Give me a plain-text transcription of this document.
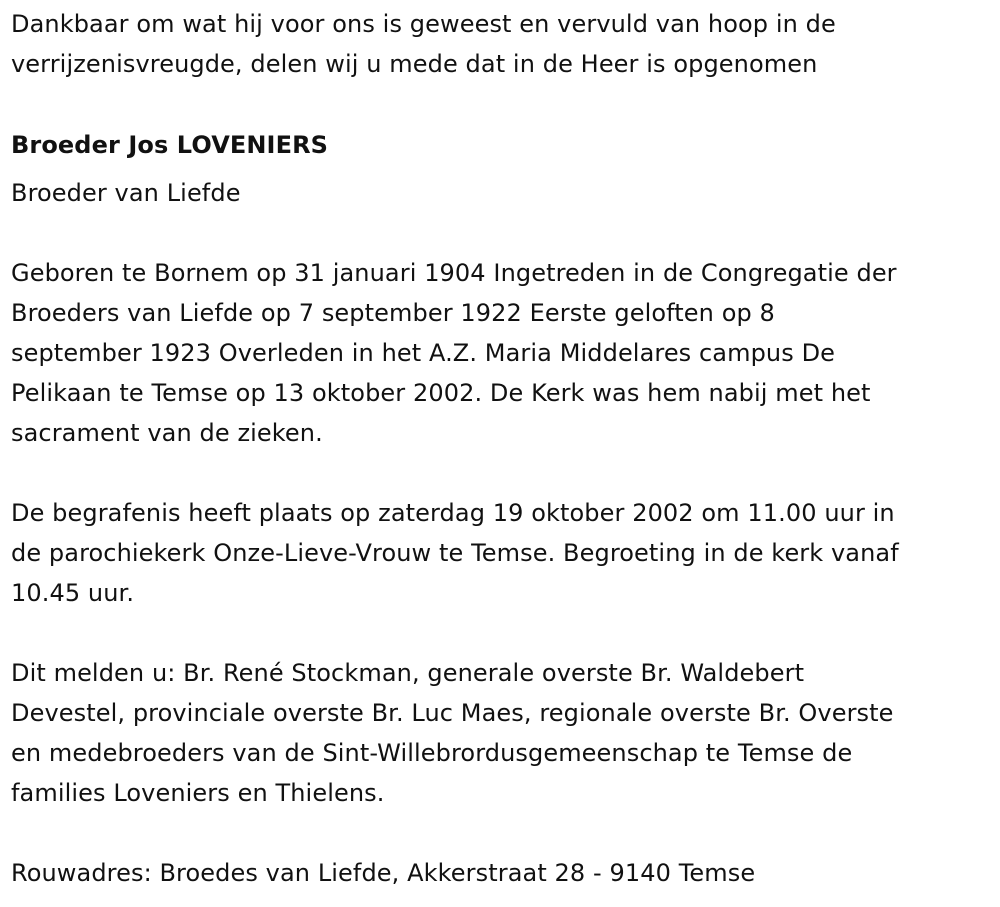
Dankbaar om wat hij voor ons is geweest en vervuld van hoop in de
verrijzenisvreugde, delen wij u mede dat in de Heer is opgenomen

Broeder Jos LOVENIERS

Broeder van Liefde

Geboren te Bornem op 31 januari 1904 Ingetreden in de Congregatie der
Broeders van Liefde op 7 september 1922 Eerste geloften op 8
september 1923 Overleden in het A.Z. Maria Middelares campus De
Pelikaan te Temse op 13 oktober 2002. De Kerk was hem nabij met het
sacrament van de zieken.

De begrafenis heeft plaats op zaterdag 19 oktober 2002 om 11.00 uur in
de parochiekerk Onze-Lieve-Vrouw te Temse. Begroeting in de kerk vanaf
10.45 uur.

Dit melden u: Br. René Stockman, generale overste Br. Waldebert
Devestel, provinciale overste Br. Luc Maes, regionale overste Br. Overste
en medebroeders van de Sint-Willebrordusgemeenschap te Temse de
families Loveniers en Thielens.

Rouwadres: Broedes van Liefde, Akkerstraat 28 - 9140 Temse
